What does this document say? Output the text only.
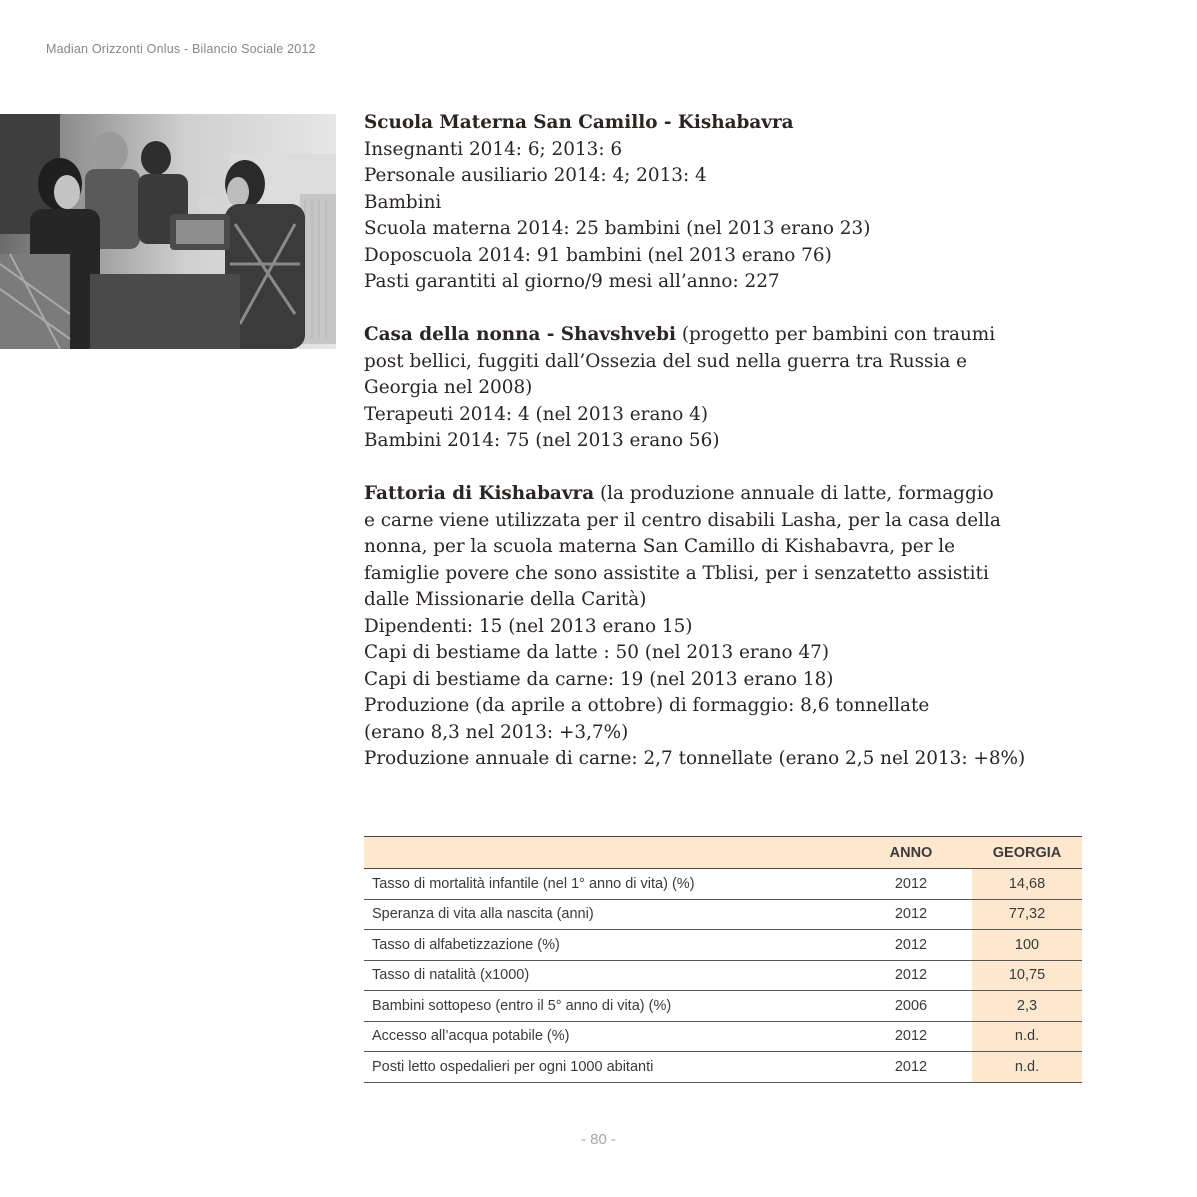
Madian Orizzonti Onlus - Bilancio Sociale 2012

Scuola Materna San Camillo - Kishabavra
Insegnanti 2014: 6; 2013: 6
Personale ausiliario 2014: 4; 2013: 4
Bambini
Scuola materna 2014: 25 bambini (nel 2013 erano 23)
Doposcuola 2014: 91 bambini (nel 2013 erano 76)
Pasti garantiti al giorno/9 mesi all’anno: 227

Casa della nonna - Shavshvebi (progetto per bambini con traumi
post bellici, fuggiti dall’Ossezia del sud nella guerra tra Russia e
Georgia nel 2008)
Terapeuti 2014: 4 (nel 2013 erano 4)
Bambini 2014: 75 (nel 2013 erano 56)

Fattoria di Kishabavra (la produzione annuale di latte, formaggio
e carne viene utilizzata per il centro disabili Lasha, per la casa della
nonna, per la scuola materna San Camillo di Kishabavra, per le
famiglie povere che sono assistite a Tblisi, per i senzatetto assistiti
dalle Missionarie della Carità)
Dipendenti: 15 (nel 2013 erano 15)
Capi di bestiame da latte : 50 (nel 2013 erano 47)
Capi di bestiame da carne: 19 (nel 2013 erano 18)
Produzione (da aprile a ottobre) di formaggio: 8,6 tonnellate
(erano 8,3 nel 2013: +3,7%)
Produzione annuale di carne: 2,7 tonnellate (erano 2,5 nel 2013: +8%)

	ANNO		GEORGIA
Tasso di mortalità infantile (nel 1° anno di vita) (%)	2012		14,68
Speranza di vita alla nascita (anni)	2012		77,32
Tasso di alfabetizzazione (%)	2012		100
Tasso di natalità (x1000)	2012		10,75
Bambini sottopeso (entro il 5° anno di vita) (%)	2006		2,3
Accesso all’acqua potabile (%)	2012		n.d.
Posti letto ospedalieri per ogni 1000 abitanti	2012		n.d.
- 80 -
